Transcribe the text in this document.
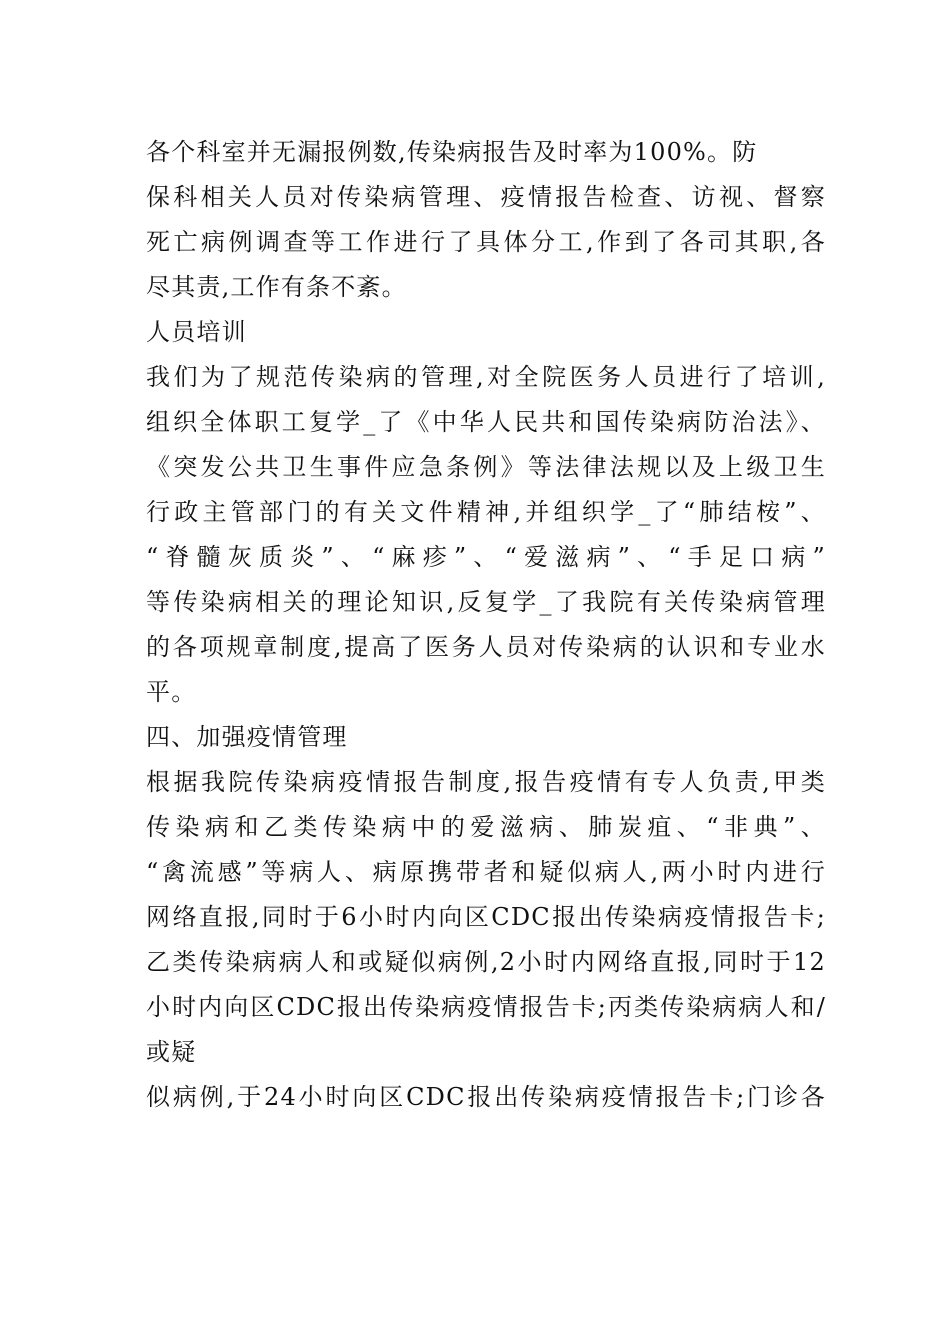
各个科室并无漏报例数,传染病报告及时率为100%。防
保科相关人员对传染病管理、疫情报告检查、访视、督察
死亡病例调查等工作进行了具体分工,作到了各司其职,各
尽其责,工作有条不紊。
人员培训
我们为了规范传染病的管理,对全院医务人员进行了培训,
组织全体职工复学_了《中华人民共和国传染病防治法》、
《突发公共卫生事件应急条例》等法律法规以及上级卫生
行政主管部门的有关文件精神,并组织学_了“肺结桉”、
“脊髓灰质炎”、“麻疹”、“爱滋病”、“手足口病”
等传染病相关的理论知识,反复学_了我院有关传染病管理
的各项规章制度,提高了医务人员对传染病的认识和专业水
平。
四、加强疫情管理
根据我院传染病疫情报告制度,报告疫情有专人负责,甲类
传染病和乙类传染病中的爱滋病、肺炭疽、“非典”、
“禽流感”等病人、病原携带者和疑似病人,两小时内进行
网络直报,同时于6小时内向区CDC报出传染病疫情报告卡;
乙类传染病病人和或疑似病例,2小时内网络直报,同时于12
小时内向区CDC报出传染病疫情报告卡;丙类传染病病人和/
或疑
似病例,于24小时向区CDC报出传染病疫情报告卡;门诊各
